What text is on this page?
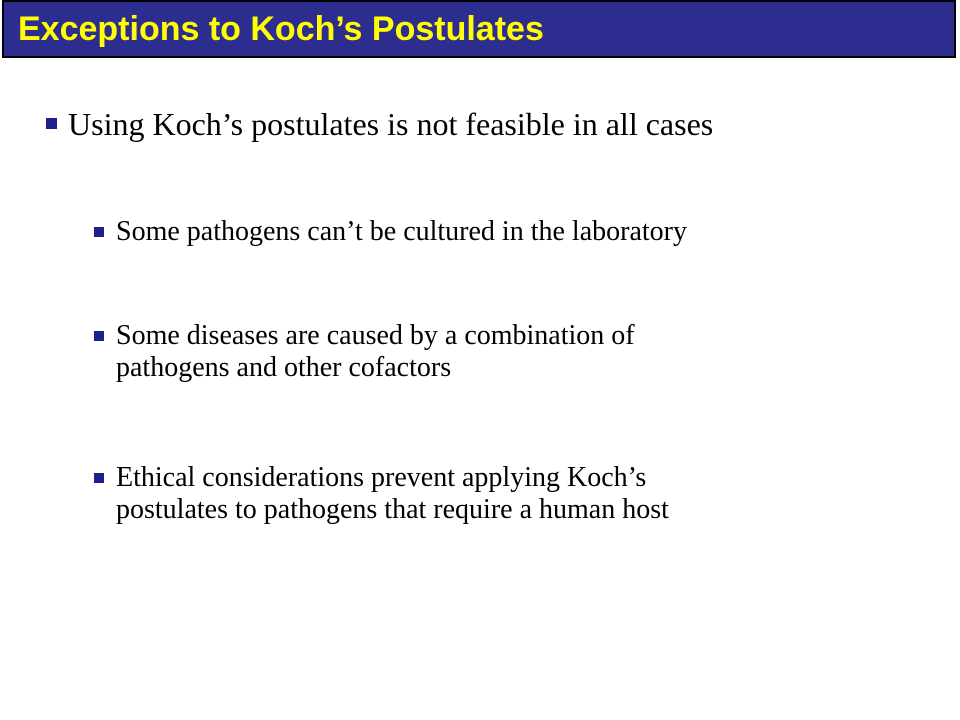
Exceptions to Koch’s Postulates
Using Koch’s postulates is not feasible in all cases
Some pathogens can’t be cultured in the laboratory
Some diseases are caused by a combination of
pathogens and other cofactors
Ethical considerations prevent applying Koch’s
postulates to pathogens that require a human host
